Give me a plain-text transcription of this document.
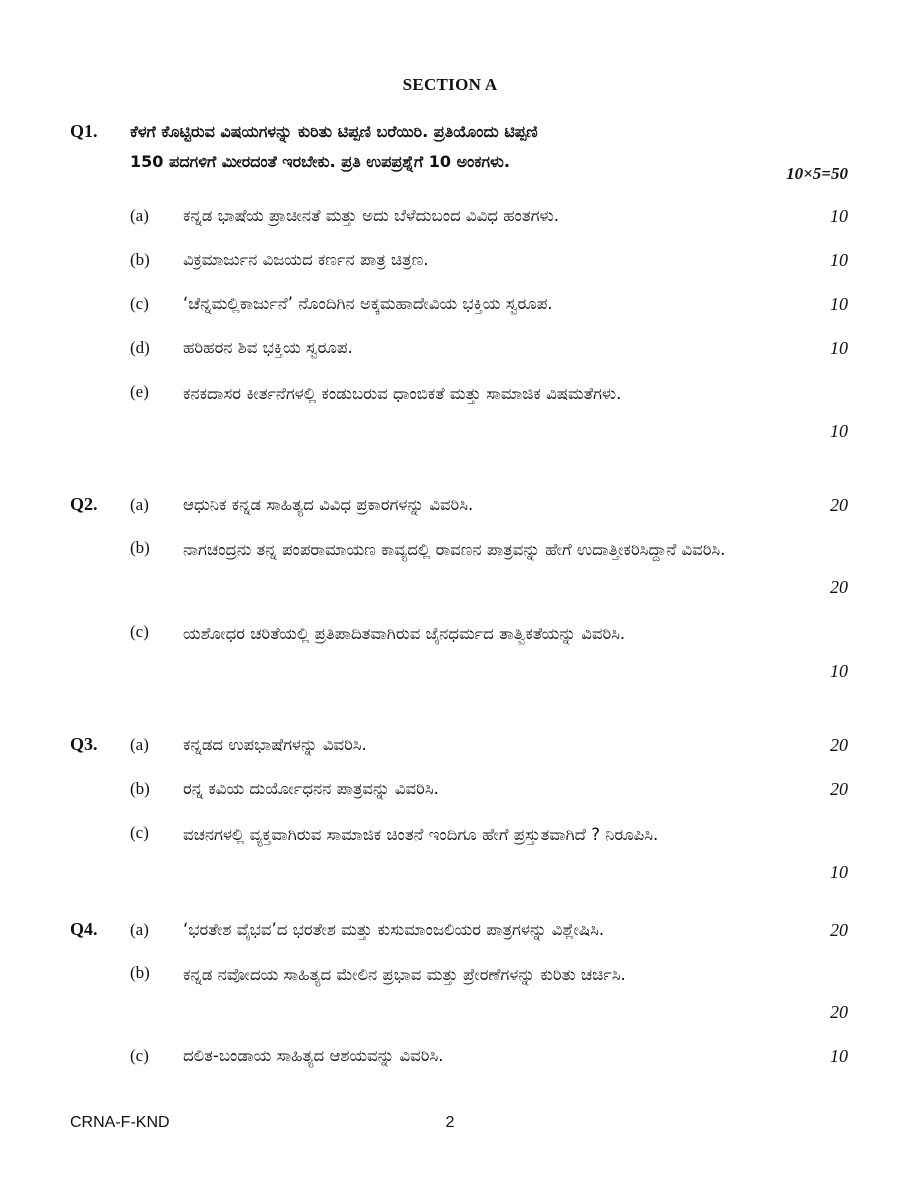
SECTION A
Q1. ಕೆಳಗೆ ಕೊಟ್ಟಿರುವ ವಿಷಯಗಳನ್ನು ಕುರಿತು ಟಿಪ್ಪಣಿ ಬರೆಯಿರಿ. ಪ್ರತಿಯೊಂದು ಟಿಪ್ಪಣಿ
150 ಪದಗಳಿಗೆ ಮೀರದಂತೆ ಇರಬೇಕು. ಪ್ರತಿ ಉಪಪ್ರಶ್ನೆಗೆ 10 ಅಂಕಗಳು.
10×5=50
(a) ಕನ್ನಡ ಭಾಷೆಯ ಪ್ರಾಚೀನತೆ ಮತ್ತು ಅದು ಬೆಳೆದುಬಂದ ವಿವಿಧ ಹಂತಗಳು.	10
(b) ವಿಕ್ರಮಾರ್ಜುನ ವಿಜಯದ ಕರ್ಣನ ಪಾತ್ರ ಚಿತ್ರಣ.	10
(c) ‘ಚೆನ್ನಮಲ್ಲಿಕಾರ್ಜುನೆ’ ನೊಂದಿಗಿನ ಅಕ್ಕಮಹಾದೇವಿಯ ಭಕ್ತಿಯ ಸ್ವರೂಪ.	10
(d) ಹರಿಹರನ ಶಿವ ಭಕ್ತಿಯ ಸ್ವರೂಪ.	10
(e) ಕನಕದಾಸರ ಕೀರ್ತನೆಗಳಲ್ಲಿ ಕಂಡುಬರುವ ಧಾಂಬಿಕತೆ ಮತ್ತು ಸಾಮಾಜಿಕ ವಿಷಮತೆಗಳು.
10
Q2. (a) ಆಧುನಿಕ ಕನ್ನಡ ಸಾಹಿತ್ಯದ ವಿವಿಧ ಪ್ರಕಾರಗಳನ್ನು ವಿವರಿಸಿ.	20
(b) ನಾಗಚಂದ್ರನು ತನ್ನ ಪಂಪರಾಮಾಯಣ ಕಾವ್ಯದಲ್ಲಿ ರಾವಣನ ಪಾತ್ರವನ್ನು ಹೇಗೆ ಉದಾತ್ತೀಕರಿಸಿದ್ದಾನೆ ವಿವರಿಸಿ.
20
(c) ಯಶೋಧರ ಚರಿತೆಯಲ್ಲಿ ಪ್ರತಿಪಾದಿತವಾಗಿರುವ ಜೈನಧರ್ಮದ ತಾತ್ವಿಕತೆಯನ್ನು ವಿವರಿಸಿ.
10
Q3. (a) ಕನ್ನಡದ ಉಪಭಾಷೆಗಳನ್ನು ವಿವರಿಸಿ.	20
(b) ರನ್ನ ಕವಿಯ ದುರ್ಯೋಧನನ ಪಾತ್ರವನ್ನು ವಿವರಿಸಿ.	20
(c) ವಚನಗಳಲ್ಲಿ ವ್ಯಕ್ತವಾಗಿರುವ ಸಾಮಾಜಿಕ ಚಿಂತನೆ ಇಂದಿಗೂ ಹೇಗೆ ಪ್ರಸ್ತುತವಾಗಿದೆ ? ನಿರೂಪಿಸಿ.
10
Q4. (a) ‘ಭರತೇಶ ವೈಭವ’ದ ಭರತೇಶ ಮತ್ತು ಕುಸುಮಾಂಜಲಿಯರ ಪಾತ್ರಗಳನ್ನು ವಿಶ್ಲೇಷಿಸಿ.	20
(b) ಕನ್ನಡ ನವೋದಯ ಸಾಹಿತ್ಯದ ಮೇಲಿನ ಪ್ರಭಾವ ಮತ್ತು ಪ್ರೇರಣೆಗಳನ್ನು ಕುರಿತು ಚರ್ಚಿಸಿ.
20
(c) ದಲಿತ-ಬಂಡಾಯ ಸಾಹಿತ್ಯದ ಆಶಯವನ್ನು ವಿವರಿಸಿ.	10
CRNA-F-KND	2
